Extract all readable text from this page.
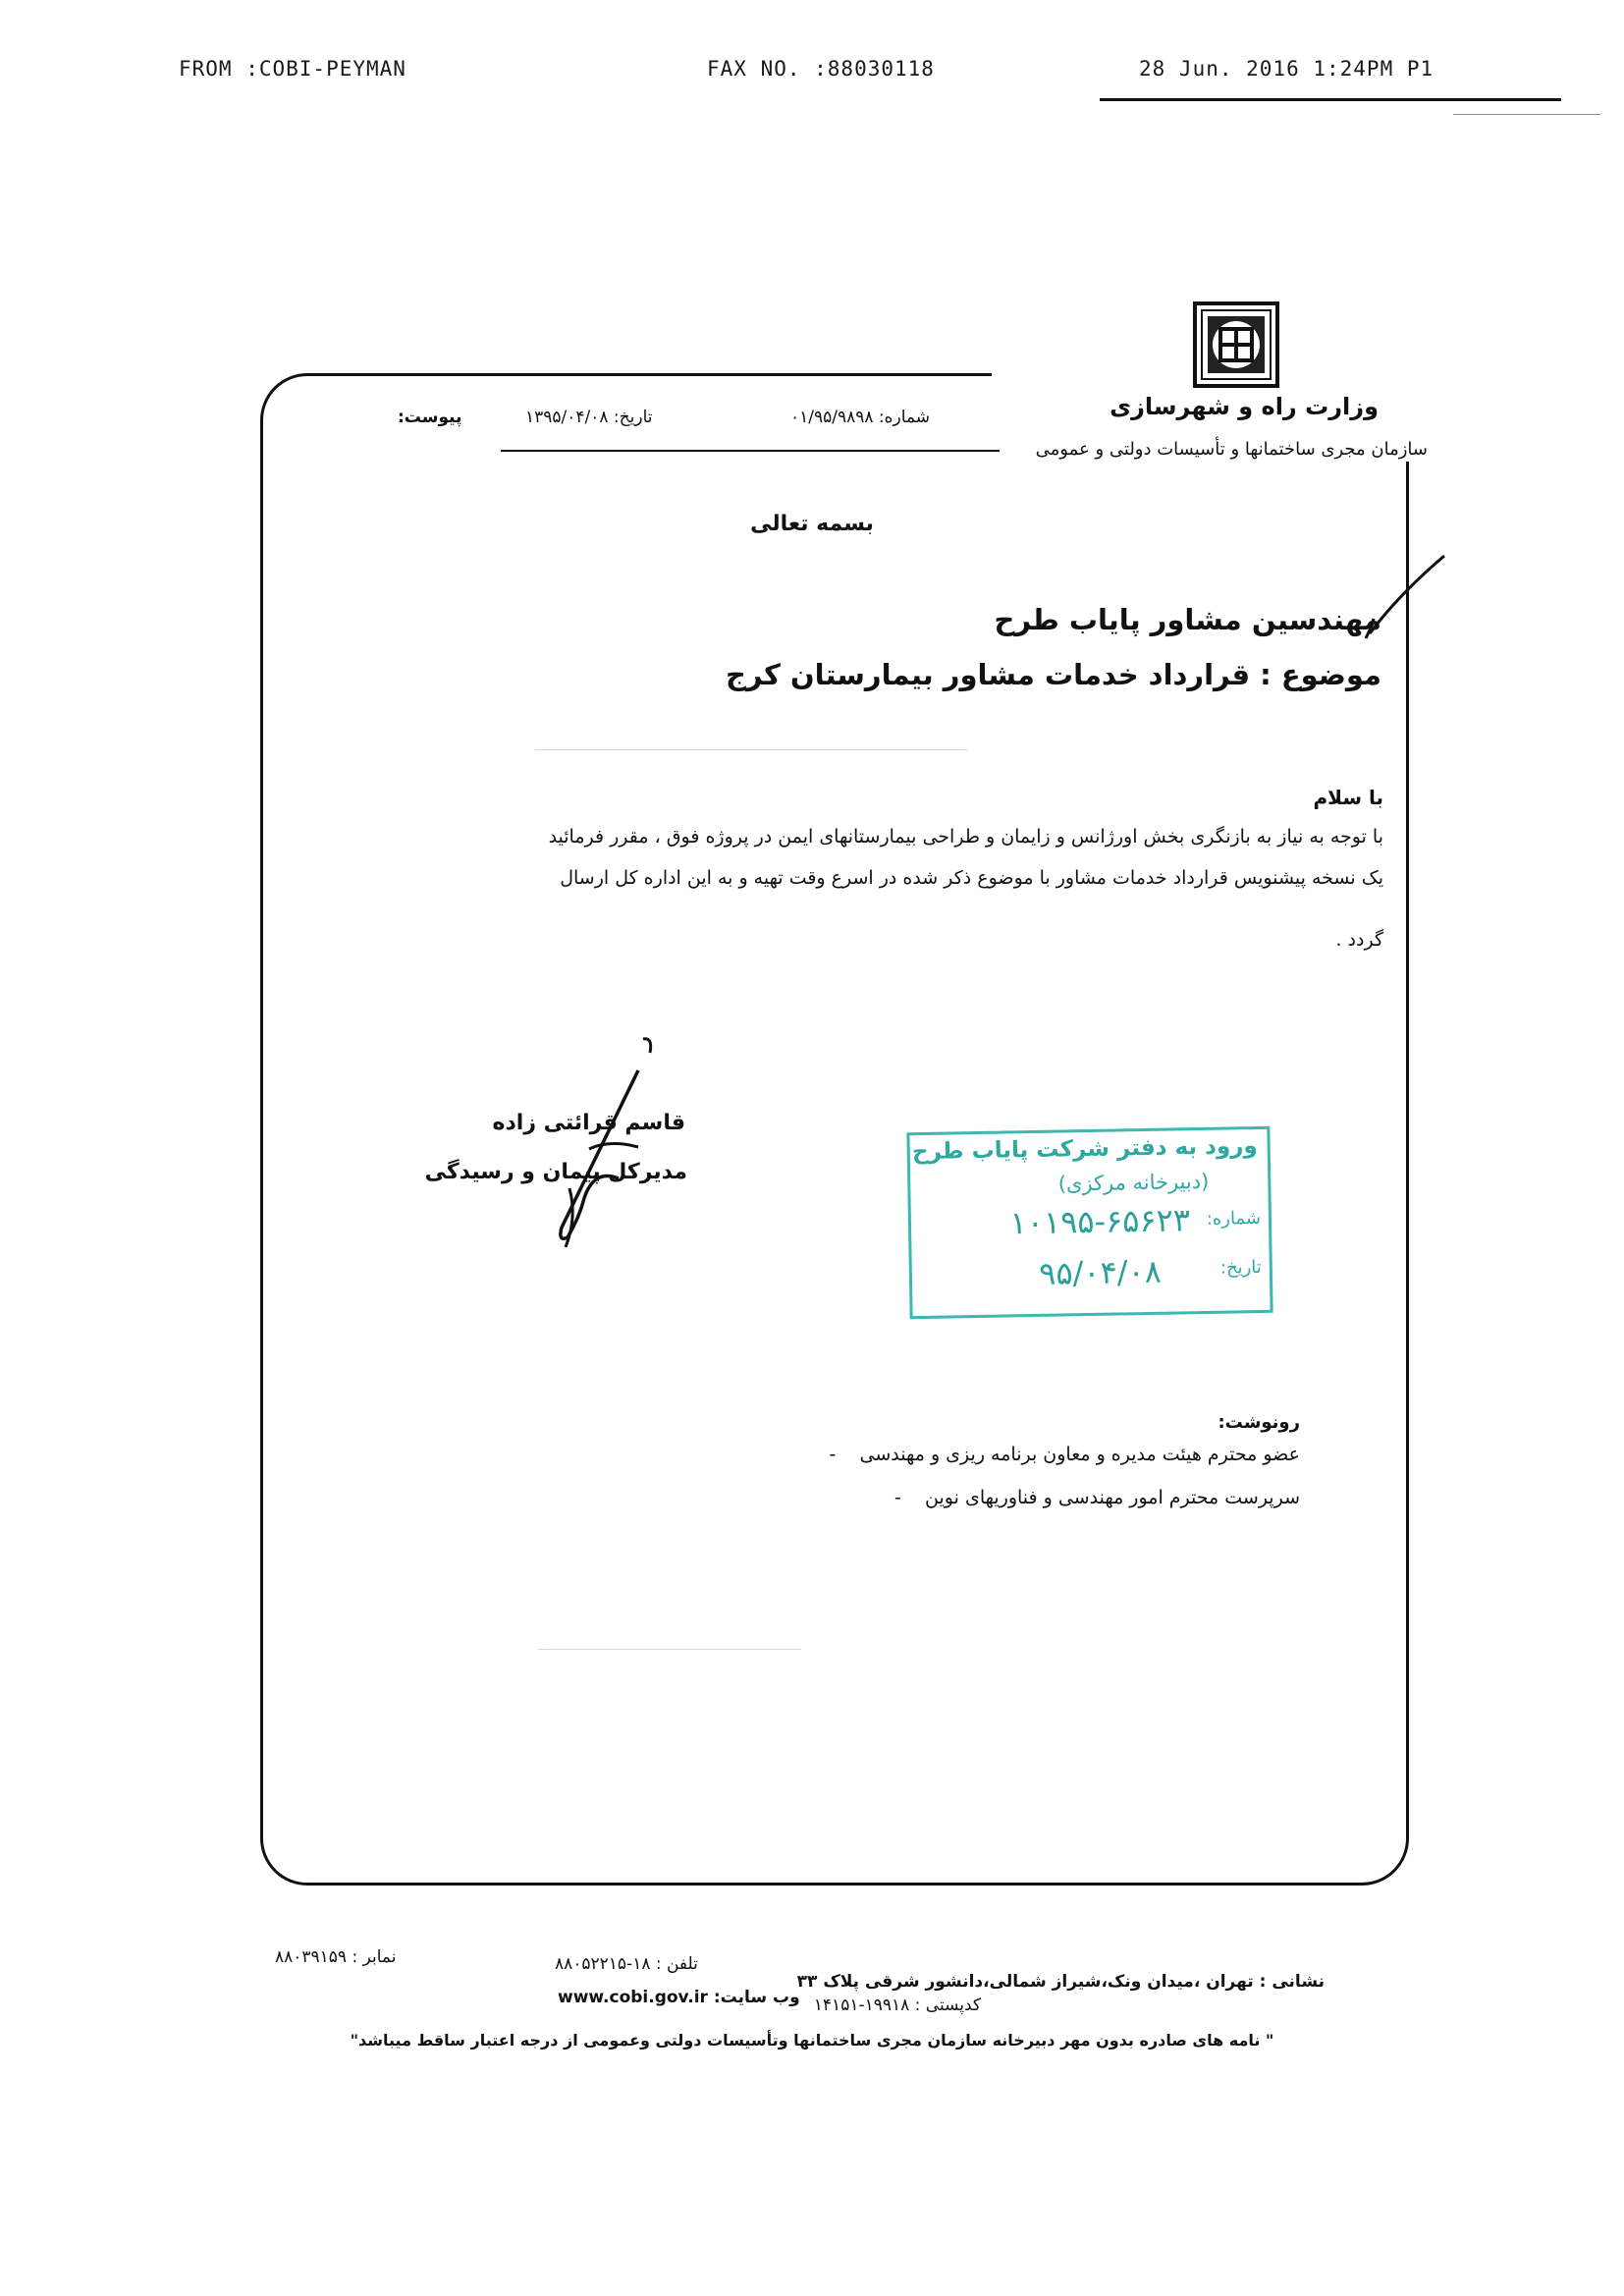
FROM :COBI-PEYMAN	FAX NO. :88030118	28 Jun. 2016 1:24PM P1
وزارت راه و شهرسازی
سازمان مجری ساختمانها و تأسیسات دولتی و عمومی
شماره: ۰۱/۹۵/۹۸۹۸
تاریخ: ۱۳۹۵/۰۴/۰۸
پیوست:
بسمه تعالی
مهندسین مشاور پایاب طرح
موضوع : قرارداد خدمات مشاور بیمارستان کرج
با سلام
با توجه به نیاز به بازنگری بخش اورژانس و زایمان و طراحی بیمارستانهای ایمن در پروژه فوق ، مقرر فرمائید
یک نسخه پیشنویس قرارداد خدمات مشاور با موضوع ذکر شده در اسرع وقت تهیه و به این اداره کل ارسال
گردد .
قاسم قرائتی زاده
مدیرکل پیمان و رسیدگی
ورود به دفتر شرکت پایاب طرح
(دبیرخانه مرکزی)
شماره:
۱۰۱۹۵-۶۵۶۲۳
تاریخ:
۹۵/۰۴/۰۸
رونوشت:
عضو محترم هیئت مدیره و معاون برنامه ریزی و مهندسی    -
سرپرست محترم امور مهندسی و فناوریهای نوین    -
نشانی : تهران ،میدان ونک،شیراز شمالی،دانشور شرقی پلاک ۳۳
کدپستی : ۱۹۹۱۸-۱۴۱۵۱
تلفن : ۱۸-۸۸۰۵۲۲۱۵
وب سایت: www.cobi.gov.ir
نمابر : ۸۸۰۳۹۱۵۹
" نامه های صادره بدون مهر دبیرخانه سازمان مجری ساختمانها وتأسیسات دولتی وعمومی از درجه اعتبار ساقط میباشد"
